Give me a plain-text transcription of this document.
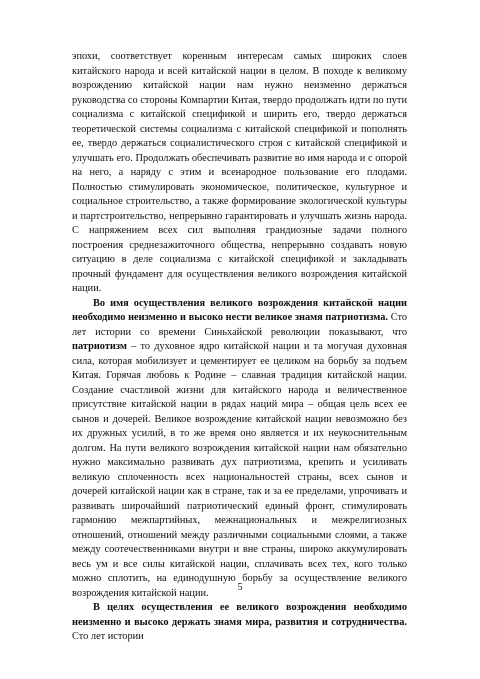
эпохи, соответствует коренным интересам самых широких слоев китайского народа и всей китайской нации в целом. В походе к великому возрождению китайской нации нам нужно неизменно держаться руководства со стороны Компартии Китая, твердо продолжать идти по пути социализма с китайской спецификой и ширить его, твердо держаться теоретической системы социализма с китайской спецификой и пополнять ее, твердо держаться социалистического строя с китайской спецификой и улучшать его. Продолжать обеспечивать развитие во имя народа и с опорой на него, а наряду с этим и всенародное пользование его плодами. Полностью стимулировать экономическое, политическое, культурное и социальное строительство, а также формирование экологической культуры и партстроительство, непрерывно гарантировать и улучшать жизнь народа. С напряжением всех сил выполняя грандиозные задачи полного построения среднезажиточного общества, непрерывно создавать новую ситуацию в деле социализма с китайской спецификой и закладывать прочный фундамент для осуществления великого возрождения китайской нации.

Во имя осуществления великого возрождения китайской нации необходимо неизменно и высоко нести великое знамя патриотизма. Сто лет истории со времени Синьхайской революции показывают, что патриотизм – то духовное ядро китайской нации и та могучая духовная сила, которая мобилизует и цементирует ее целиком на борьбу за подъем Китая. Горячая любовь к Родине – славная традиция китайской нации. Создание счастливой жизни для китайского народа и величественное присутствие китайской нации в рядах наций мира – общая цель всех ее сынов и дочерей. Великое возрождение китайской нации невозможно без их дружных усилий, в то же время оно является и их неукоснительным долгом. На пути великого возрождения китайской нации нам обязательно нужно максимально развивать дух патриотизма, крепить и усиливать великую сплоченность всех национальностей страны, всех сынов и дочерей китайской нации как в стране, так и за ее пределами, упрочивать и развивать широчайший патриотический единый фронт, стимулировать гармонию межпартийных, межнациональных и межрелигиозных отношений, отношений между различными социальными слоями, а также между соотечественниками внутри и вне страны, широко аккумулировать весь ум и все силы китайской нации, сплачивать всех тех, кого только можно сплотить, на единодушную борьбу за осуществление великого возрождения китайской нации.

В целях осуществления ее великого возрождения необходимо неизменно и высоко держать знамя мира, развития и сотрудничества. Сто лет истории

5
